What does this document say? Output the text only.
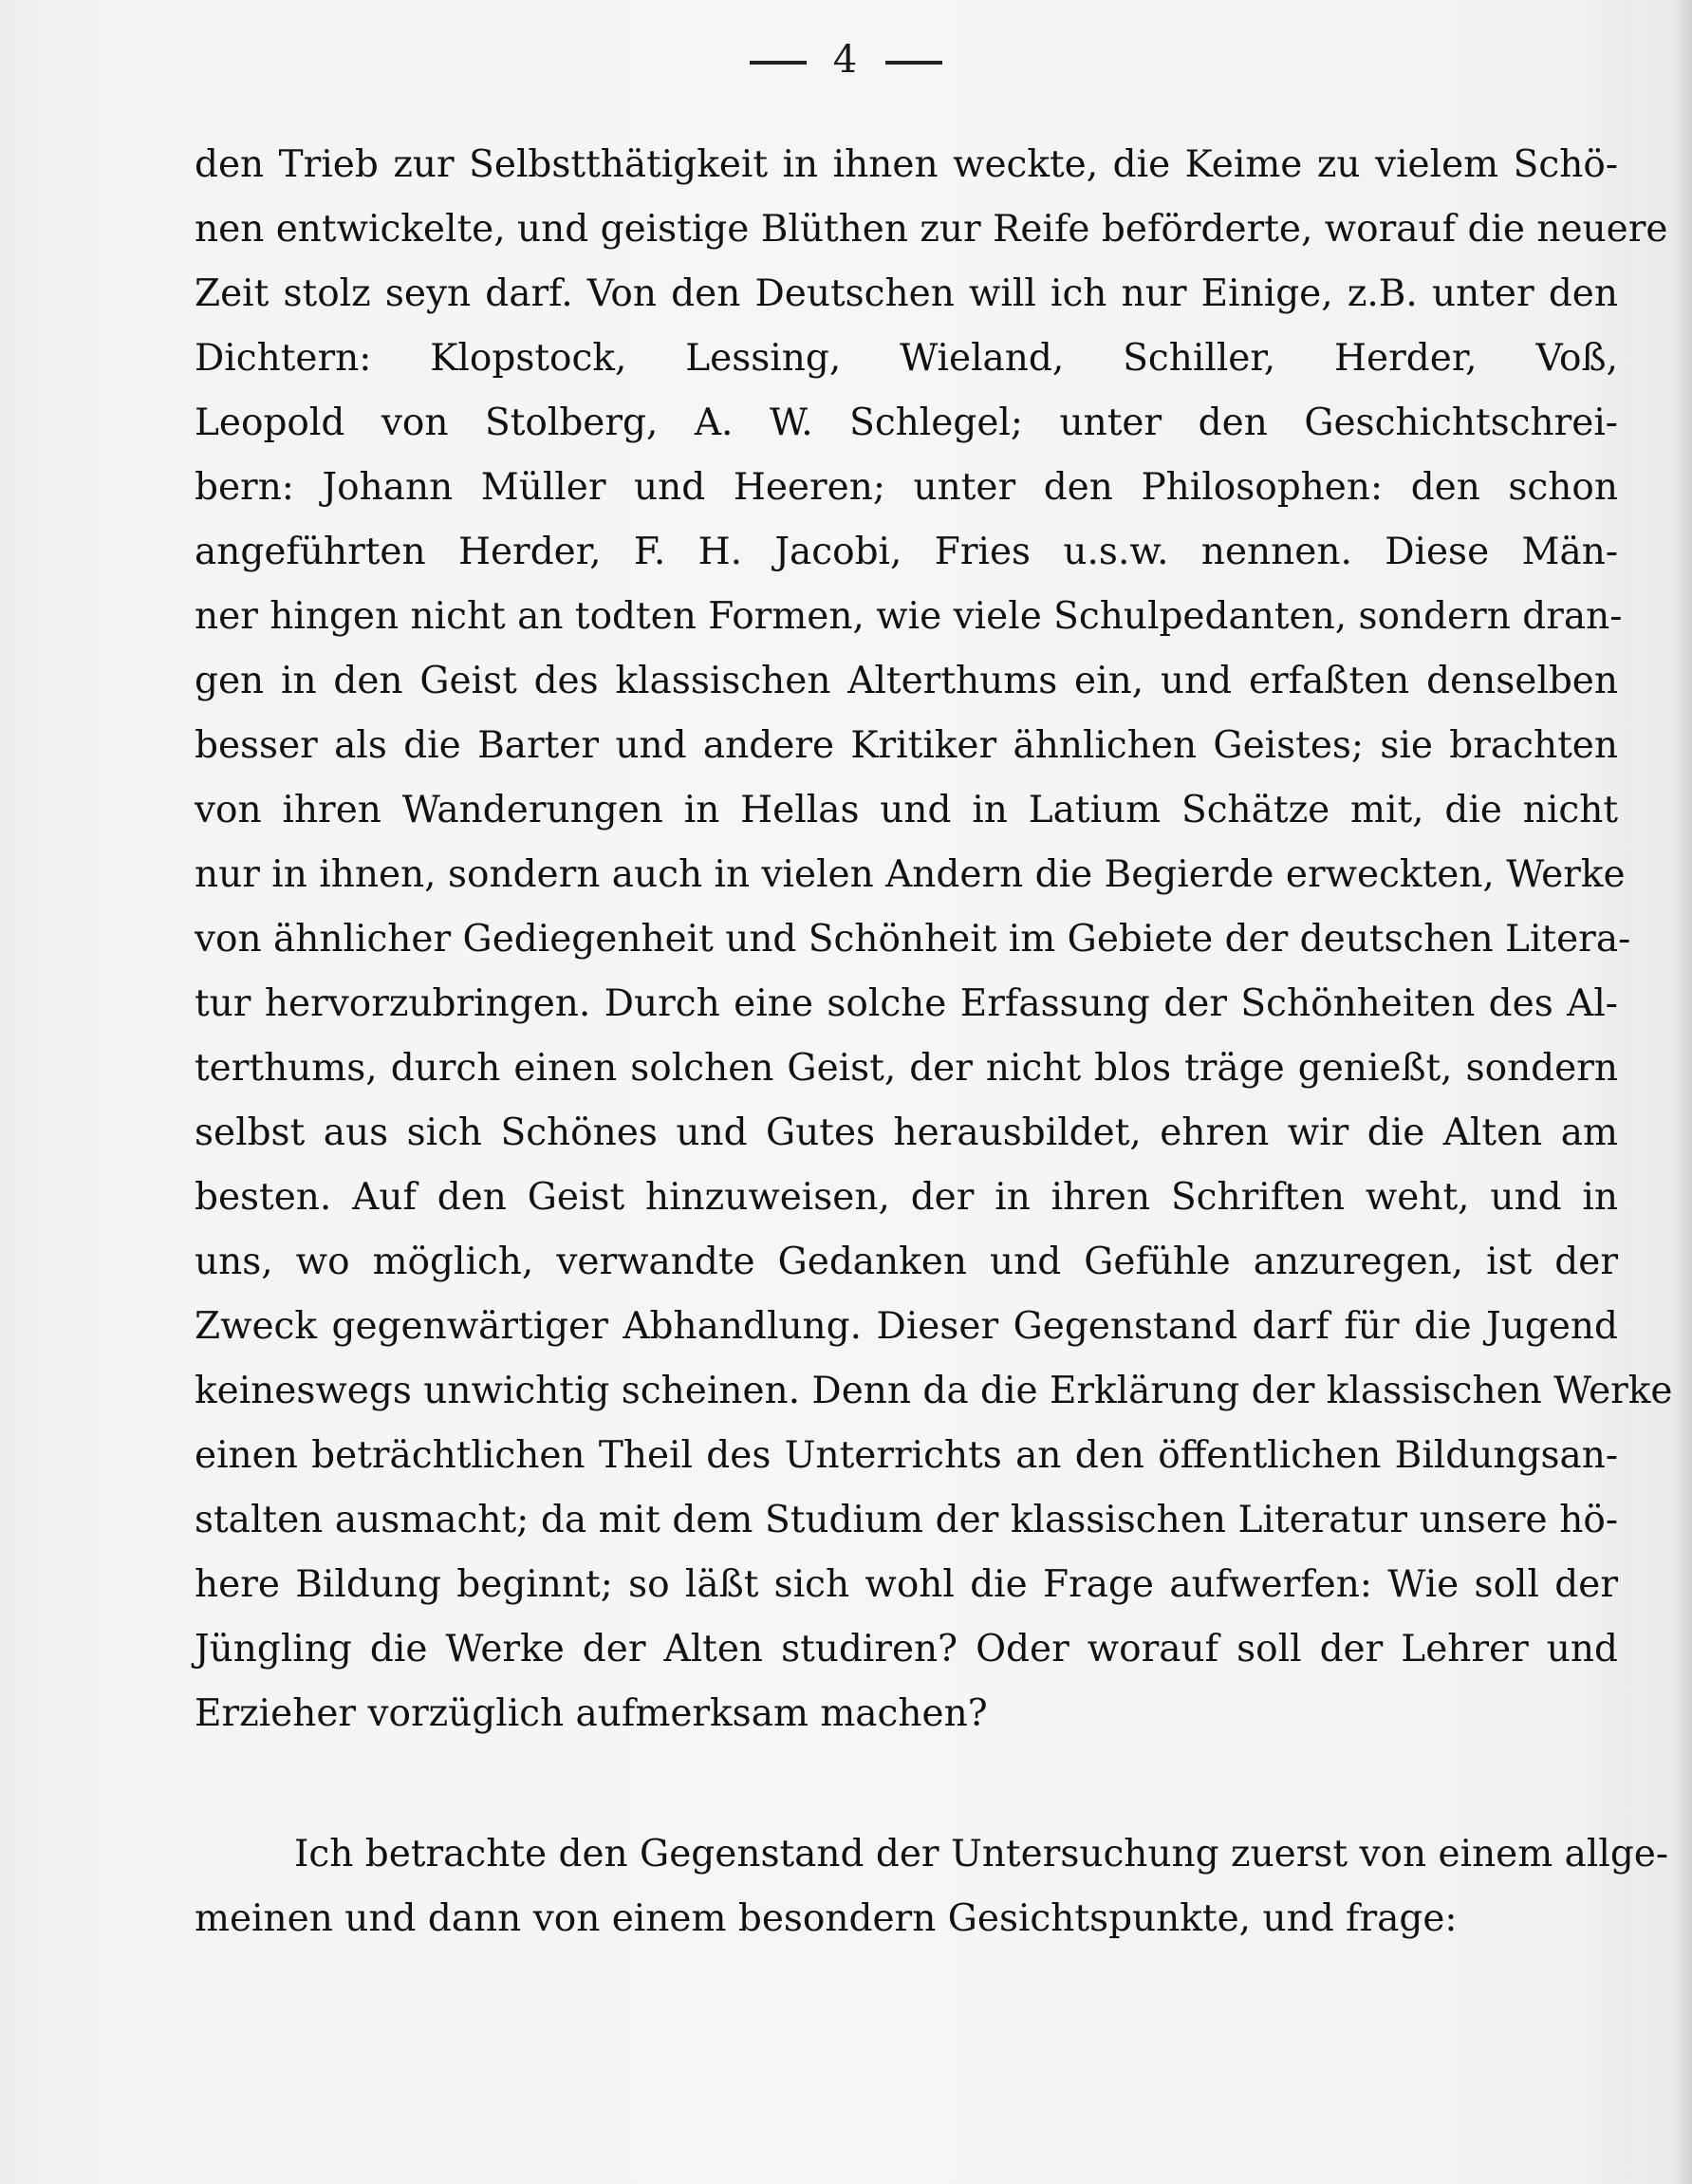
4
den Trieb zur Selbstthätigkeit in ihnen weckte, die Keime zu vielem Schö-
nen entwickelte, und geistige Blüthen zur Reife beförderte, worauf die neuere
Zeit stolz seyn darf. Von den Deutschen will ich nur Einige, z.B. unter den
Dichtern: Klopstock, Lessing, Wieland, Schiller, Herder, Voß,
Leopold von Stolberg, A. W. Schlegel; unter den Geschichtschrei-
bern: Johann Müller und Heeren; unter den Philosophen: den schon
angeführten Herder, F. H. Jacobi, Fries u.s.w. nennen. Diese Män-
ner hingen nicht an todten Formen, wie viele Schulpedanten, sondern dran-
gen in den Geist des klassischen Alterthums ein, und erfaßten denselben
besser als die Barter und andere Kritiker ähnlichen Geistes; sie brachten
von ihren Wanderungen in Hellas und in Latium Schätze mit, die nicht
nur in ihnen, sondern auch in vielen Andern die Begierde erweckten, Werke
von ähnlicher Gediegenheit und Schönheit im Gebiete der deutschen Litera-
tur hervorzubringen. Durch eine solche Erfassung der Schönheiten des Al-
terthums, durch einen solchen Geist, der nicht blos träge genießt, sondern
selbst aus sich Schönes und Gutes herausbildet, ehren wir die Alten am
besten. Auf den Geist hinzuweisen, der in ihren Schriften weht, und in
uns, wo möglich, verwandte Gedanken und Gefühle anzuregen, ist der
Zweck gegenwärtiger Abhandlung. Dieser Gegenstand darf für die Jugend
keineswegs unwichtig scheinen. Denn da die Erklärung der klassischen Werke
einen beträchtlichen Theil des Unterrichts an den öffentlichen Bildungsan-
stalten ausmacht; da mit dem Studium der klassischen Literatur unsere hö-
here Bildung beginnt; so läßt sich wohl die Frage aufwerfen: Wie soll der
Jüngling die Werke der Alten studiren? Oder worauf soll der Lehrer und
Erzieher vorzüglich aufmerksam machen?
Ich betrachte den Gegenstand der Untersuchung zuerst von einem allge-
meinen und dann von einem besondern Gesichtspunkte, und frage:
